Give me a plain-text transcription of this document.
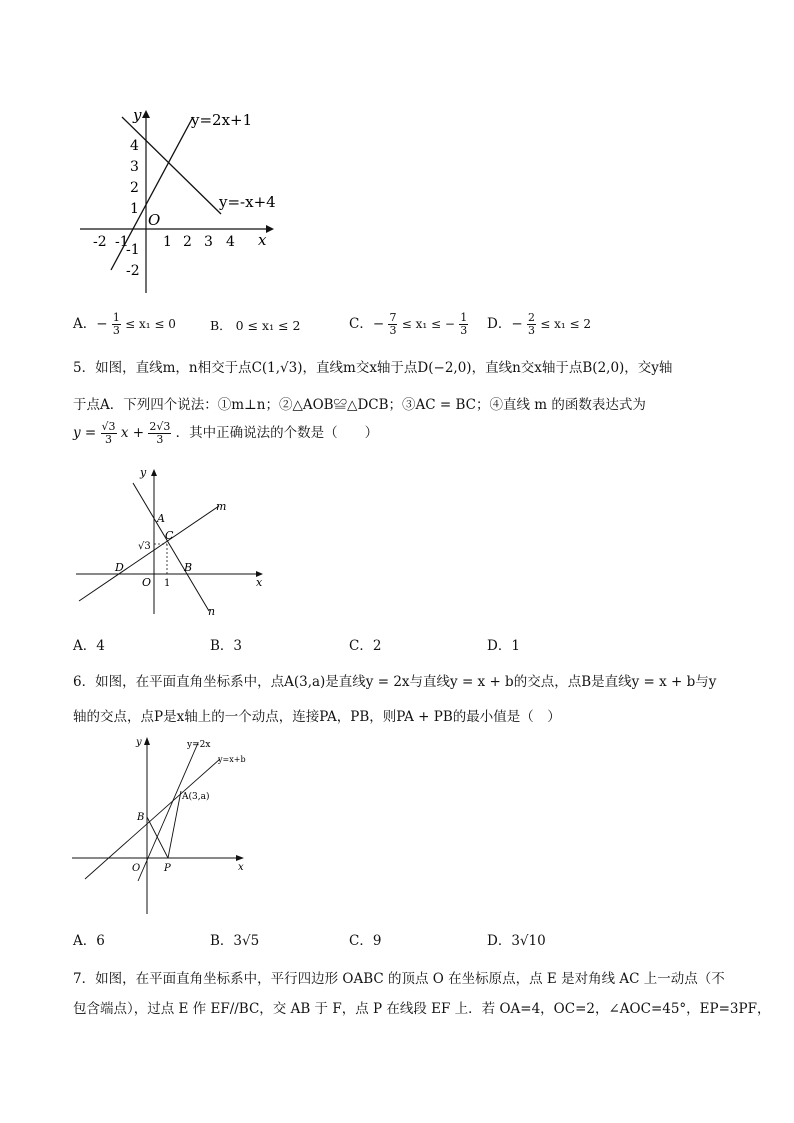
y
x
O
y=2x+1
y=-x+4
-2 -1 1 2 3 4
4
3
2
1
-1
-2
A．− $\frac{1}{3} \le x_1 \le 0$	B． 0 ≤ x₁ ≤ 2	C．− $\frac{7}{3} \le x_1$ ≤ − $\frac{1}{3}$ D．− $\frac{2}{3} \le x_1 \le 2$
5．如图，直线m，n相交于点C(1,√3)，直线m交x轴于点D(−2,0)，直线n交x轴于点B(2,0)，交y轴
于点A．下列四个说法：①m⊥n；②△AOB≌△DCB；③AC = BC；④直线 m 的函数表达式为
$y = \frac{√3}{3}$ $x + \frac{2√3}{3}$ ．其中正确说法的个数是（　　）
y
x
m
n
A
C
√3
D	B
O 1
A．4	B．3	C．2	D．1
6．如图，在平面直角坐标系中，点A(3,a)是直线y = 2x与直线y = x + b的交点，点B是直线y = x + b与y
轴的交点，点P是x轴上的一个动点，连接PA，PB，则PA + PB的最小值是（　）
y
x
y=2x
y=x+b
A(3,a)
B
O P
A．6	B．3√5	C．9	D．3√10
7．如图，在平面直角坐标系中，平行四边形 OABC 的顶点 O 在坐标原点，点 E 是对角线 AC 上一动点（不
包含端点），过点 E 作 EF//BC，交 AB 于 F，点 P 在线段 EF 上．若 OA=4，OC=2，∠AOC=45°，EP=3PF，
